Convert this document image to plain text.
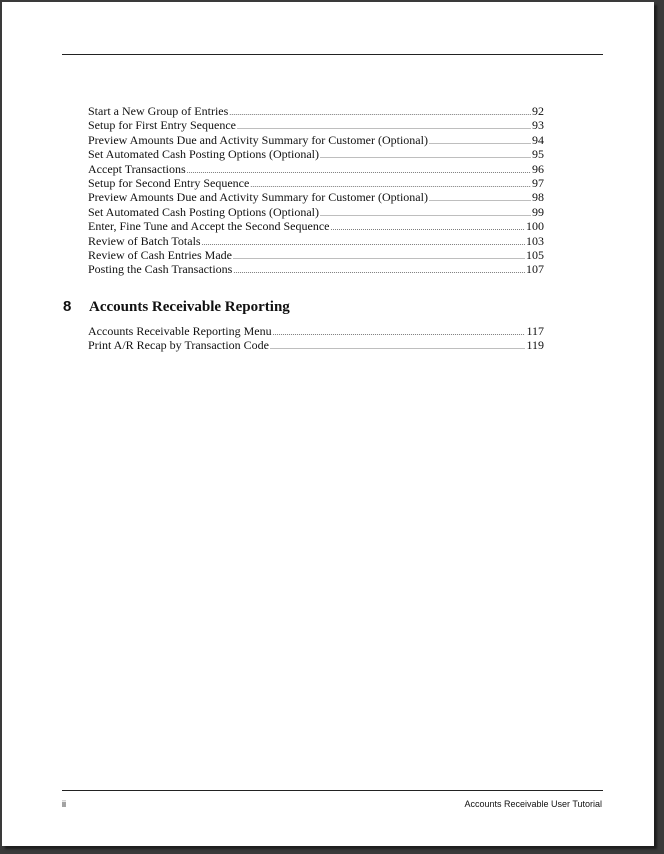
Start a New Group of Entries .....	92
Setup for First Entry Sequence .....	93
Preview Amounts Due and Activity Summary for Customer (Optional) .....	94
Set Automated Cash Posting Options (Optional) .....	95
Accept Transactions .....	96
Setup for Second Entry Sequence .....	97
Preview Amounts Due and Activity Summary for Customer (Optional) .....	98
Set Automated Cash Posting Options (Optional) .....	99
Enter, Fine Tune and Accept the Second Sequence .....	100
Review of Batch Totals .....	103
Review of Cash Entries Made .....	105
Posting the Cash Transactions .....	107
8 Accounts Receivable Reporting
Accounts Receivable Reporting Menu .....	117
Print A/R Recap by Transaction Code .....	119
ii	Accounts Receivable User Tutorial
